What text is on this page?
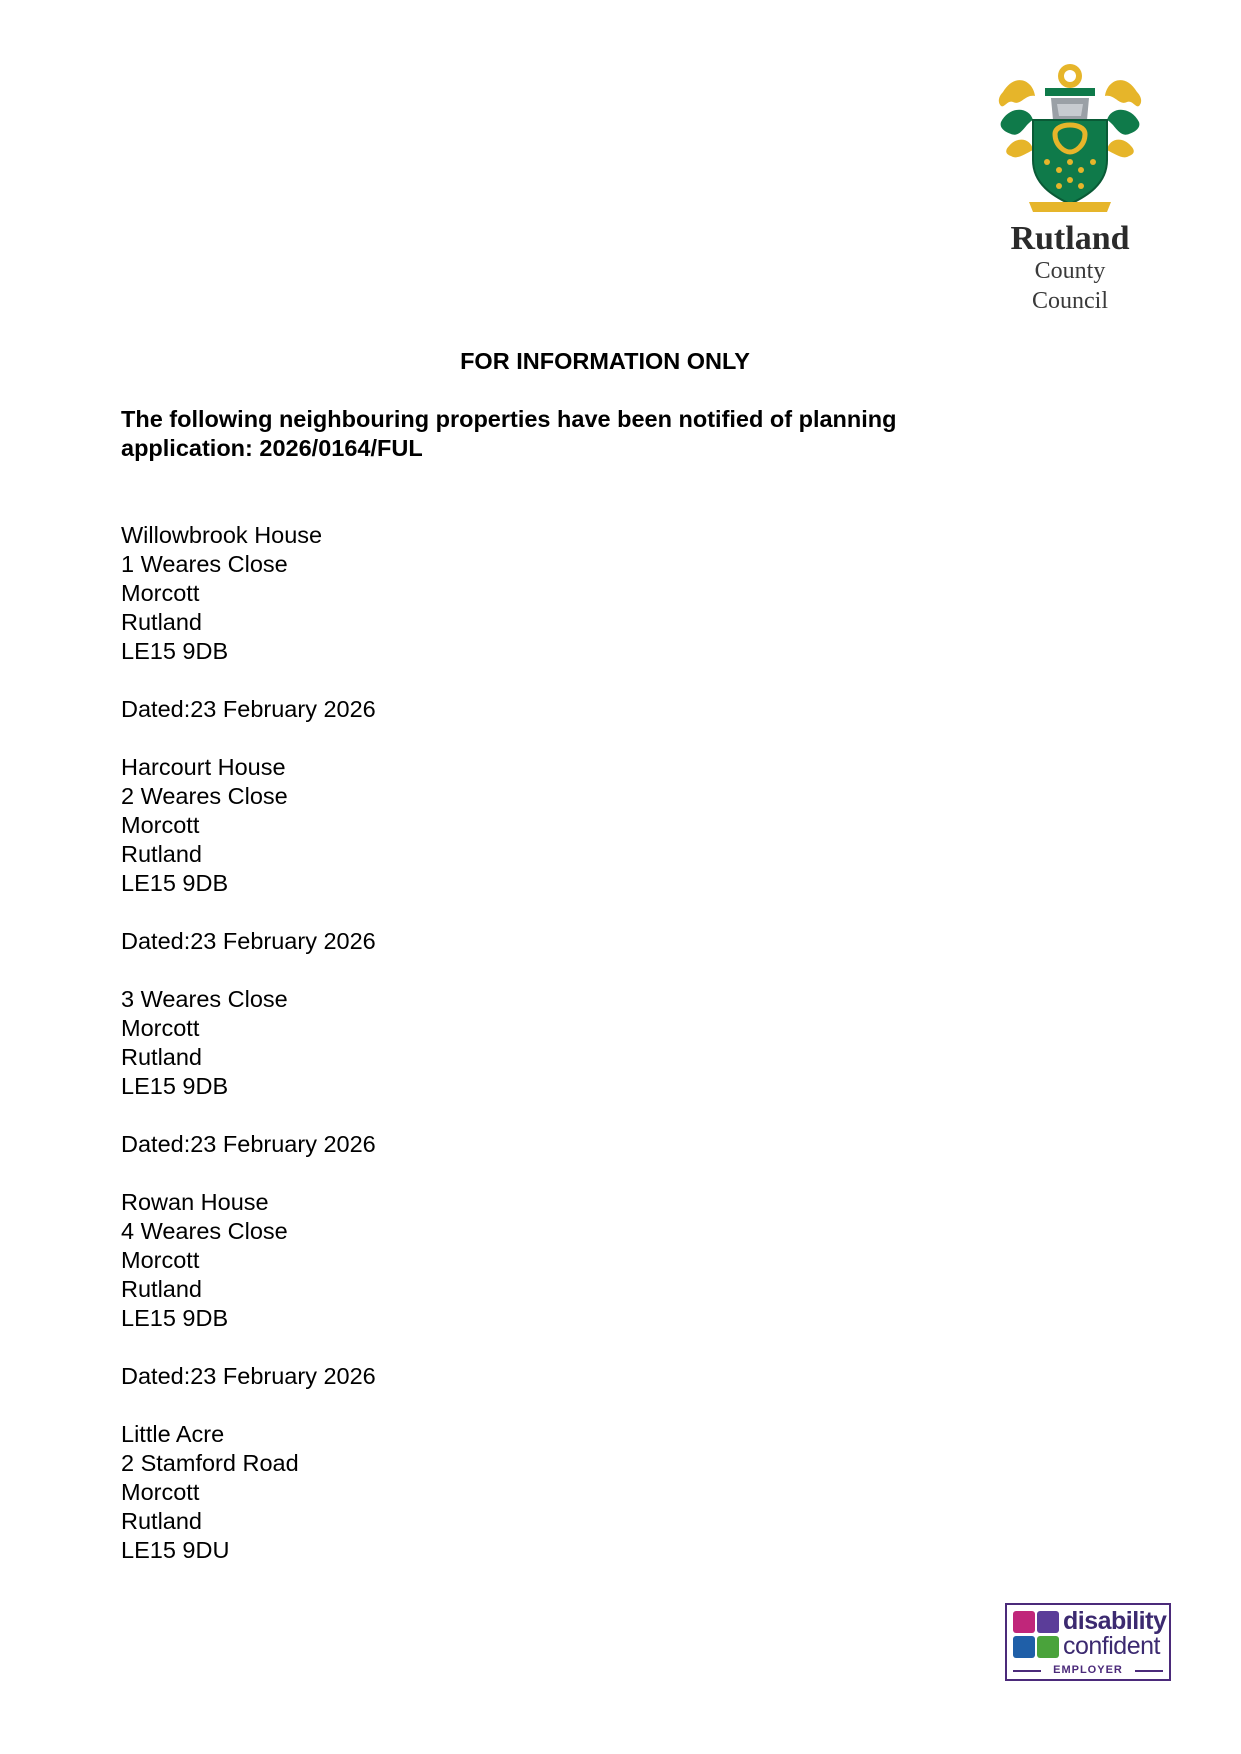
Rutland
County Council
FOR INFORMATION ONLY
The following neighbouring properties have been notified of planning application: 2026/0164/FUL
Willowbrook House
1 Weares Close
Morcott
Rutland
LE15 9DB
Dated:23 February 2026
Harcourt House
2 Weares Close
Morcott
Rutland
LE15 9DB
Dated:23 February 2026
3 Weares Close
Morcott
Rutland
LE15 9DB
Dated:23 February 2026
Rowan House
4 Weares Close
Morcott
Rutland
LE15 9DB
Dated:23 February 2026
Little Acre
2 Stamford Road
Morcott
Rutland
LE15 9DU
disability
confident
EMPLOYER
